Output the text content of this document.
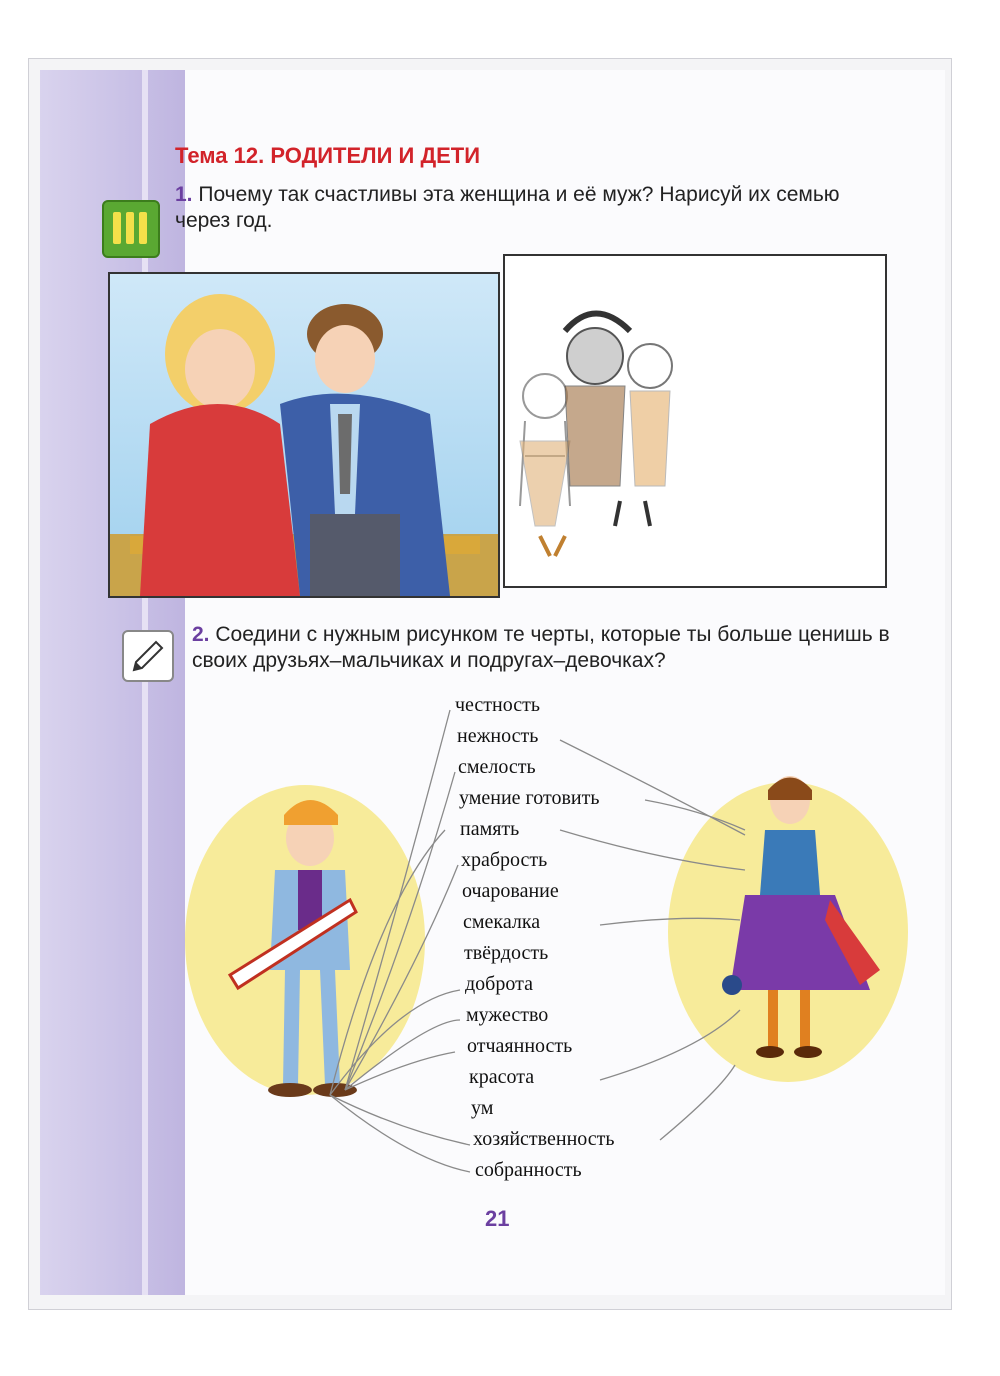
Тема 12. РОДИТЕЛИ И ДЕТИ
1. Почему так счастливы эта женщина и её муж? Нарисуй их семью через год.
2. Соедини с нужным рисунком те черты, которые ты больше ценишь в своих друзьях–мальчиках и подругах–девочках?
честность
нежность
смелость
умение готовить
память
храбрость
очарование
смекалка
твёрдость
доброта
мужество
отчаянность
красота
ум
хозяйственность
собранность
21
